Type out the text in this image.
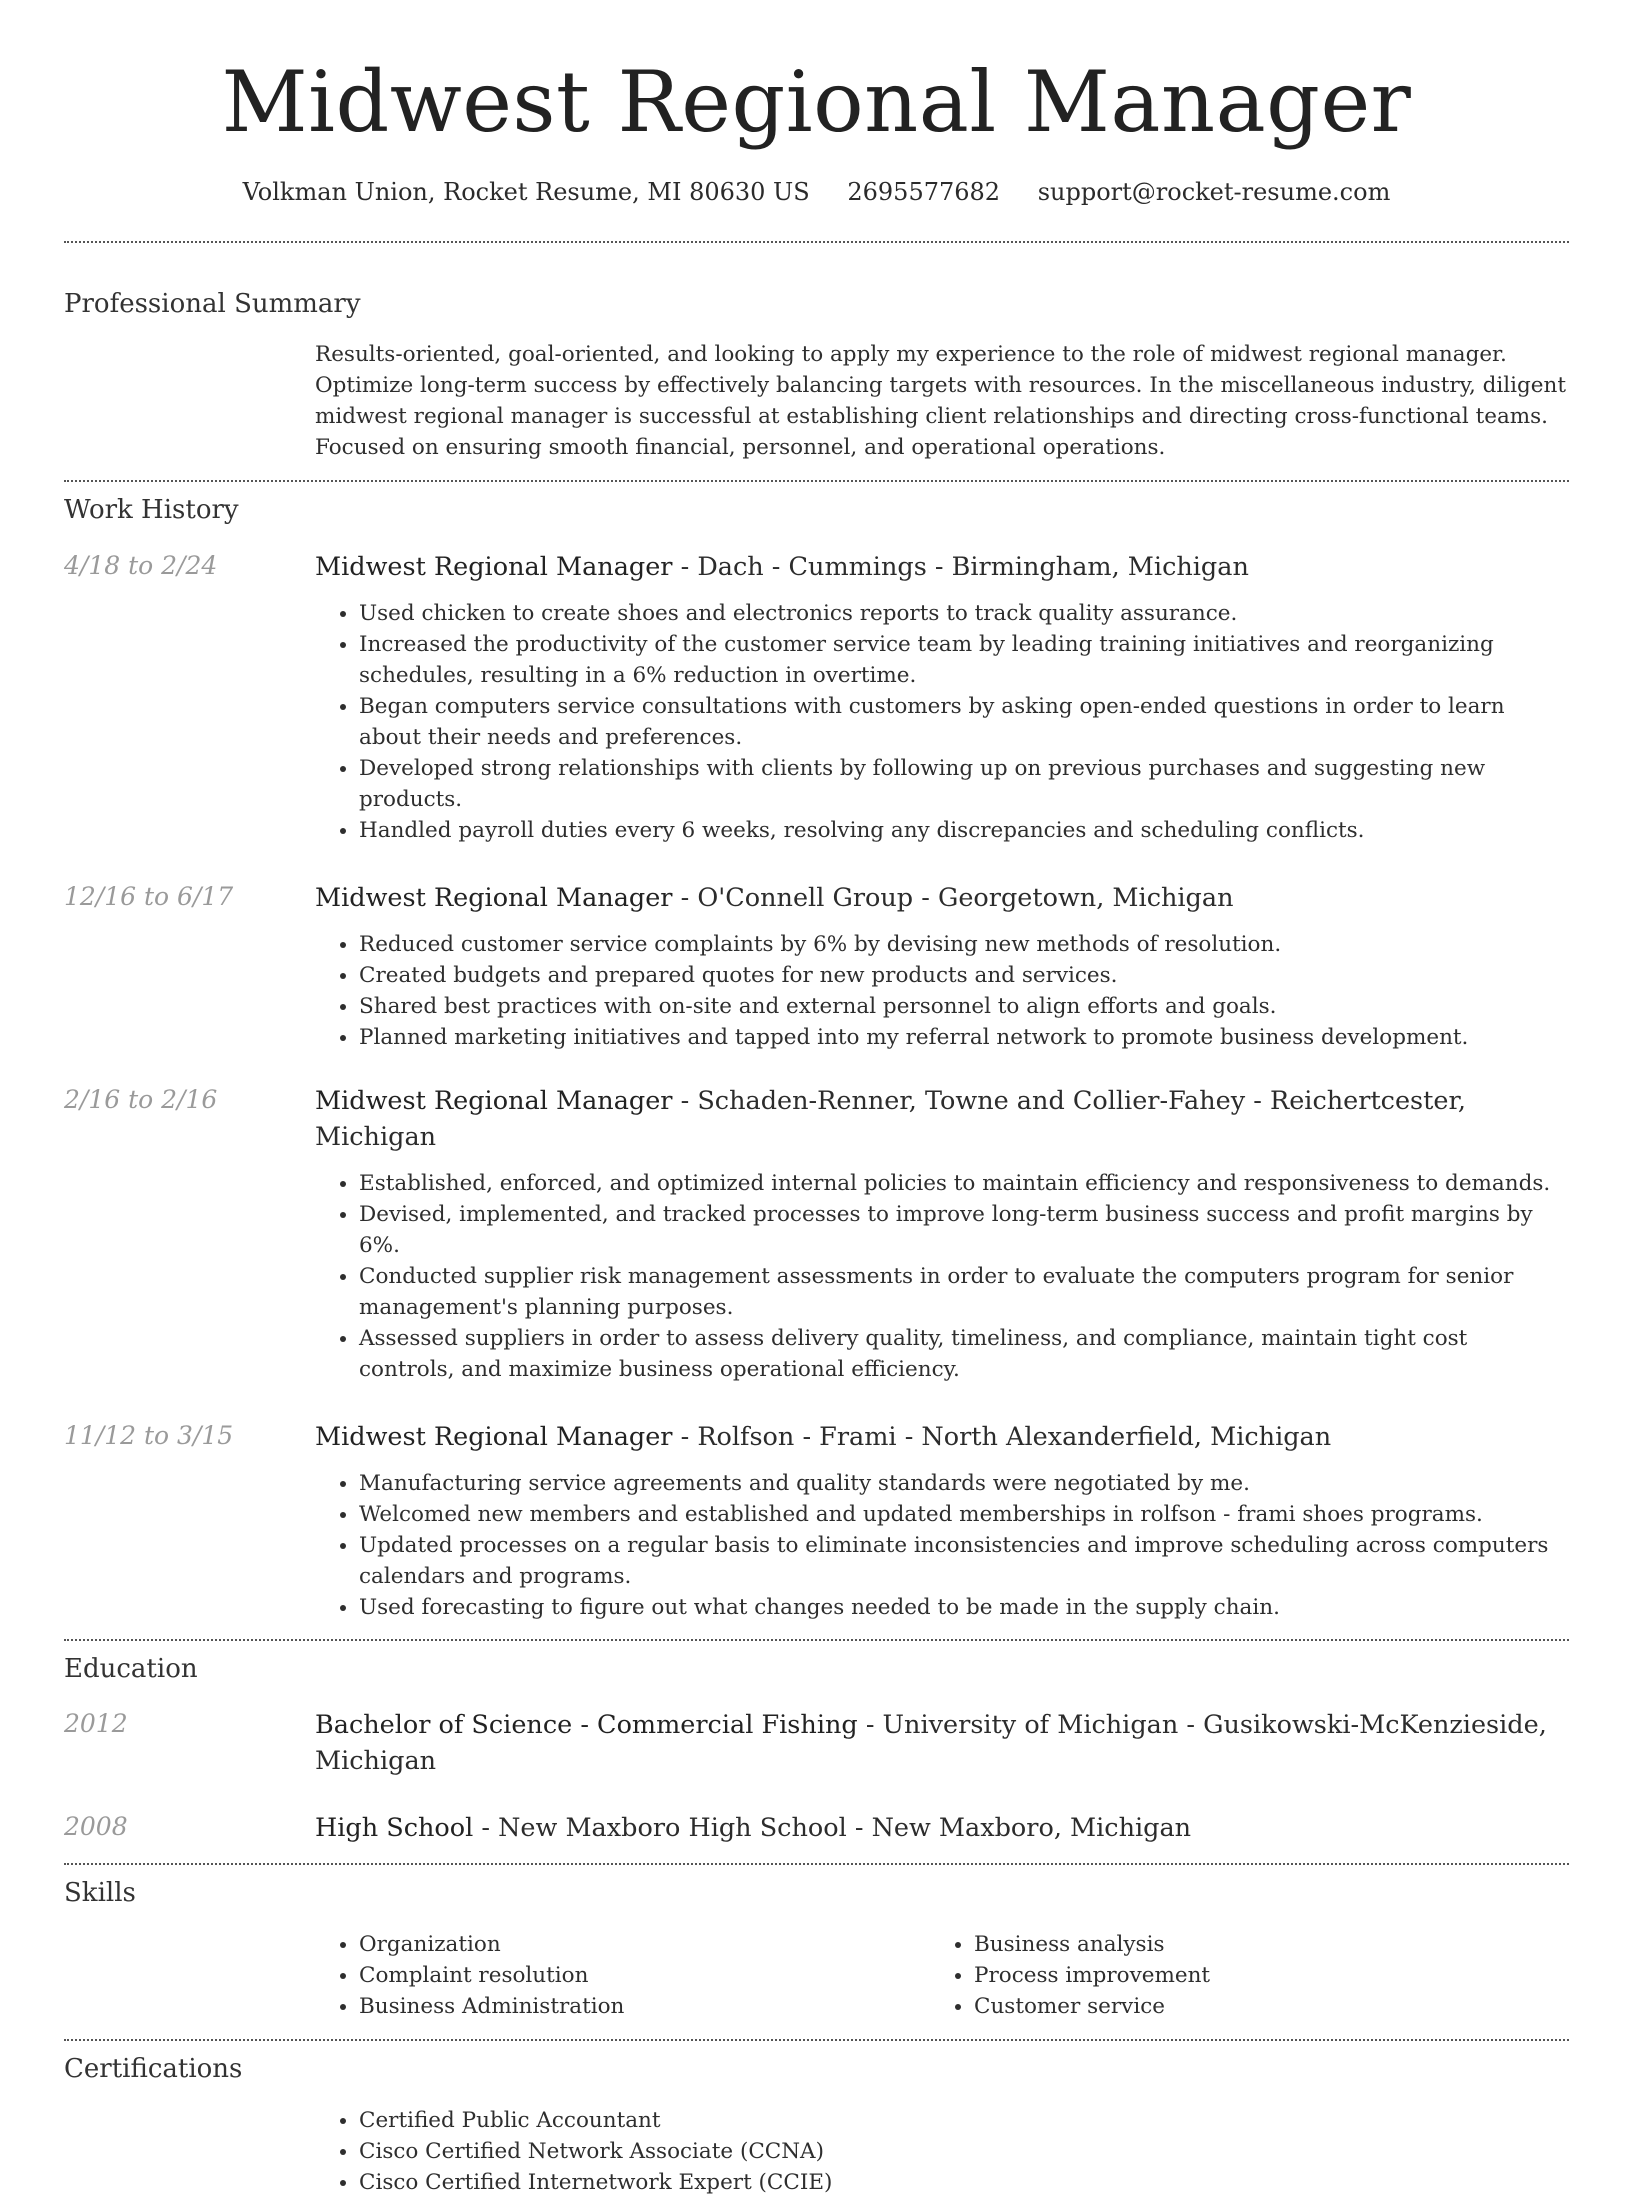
Midwest Regional Manager
Volkman Union, Rocket Resume, MI 80630 US 2695577682 support@rocket-resume.com
Professional Summary
Results-oriented, goal-oriented, and looking to apply my experience to the role of midwest regional manager. Optimize long-term success by effectively balancing targets with resources. In the miscellaneous industry, diligent midwest regional manager is successful at establishing client relationships and directing cross-functional teams. Focused on ensuring smooth financial, personnel, and operational operations.
Work History
4/18 to 2/24	Midwest Regional Manager - Dach - Cummings - Birmingham, Michigan
• Used chicken to create shoes and electronics reports to track quality assurance.
• Increased the productivity of the customer service team by leading training initiatives and reorganizing schedules, resulting in a 6% reduction in overtime.
• Began computers service consultations with customers by asking open-ended questions in order to learn about their needs and preferences.
• Developed strong relationships with clients by following up on previous purchases and suggesting new products.
• Handled payroll duties every 6 weeks, resolving any discrepancies and scheduling conflicts.
12/16 to 6/17	Midwest Regional Manager - O'Connell Group - Georgetown, Michigan
• Reduced customer service complaints by 6% by devising new methods of resolution.
• Created budgets and prepared quotes for new products and services.
• Shared best practices with on-site and external personnel to align efforts and goals.
• Planned marketing initiatives and tapped into my referral network to promote business development.
2/16 to 2/16	Midwest Regional Manager - Schaden-Renner, Towne and Collier-Fahey - Reichertcester, Michigan
• Established, enforced, and optimized internal policies to maintain efficiency and responsiveness to demands.
• Devised, implemented, and tracked processes to improve long-term business success and profit margins by 6%.
• Conducted supplier risk management assessments in order to evaluate the computers program for senior management's planning purposes.
• Assessed suppliers in order to assess delivery quality, timeliness, and compliance, maintain tight cost controls, and maximize business operational efficiency.
11/12 to 3/15	Midwest Regional Manager - Rolfson - Frami - North Alexanderfield, Michigan
• Manufacturing service agreements and quality standards were negotiated by me.
• Welcomed new members and established and updated memberships in rolfson - frami shoes programs.
• Updated processes on a regular basis to eliminate inconsistencies and improve scheduling across computers calendars and programs.
• Used forecasting to figure out what changes needed to be made in the supply chain.
Education
2012	Bachelor of Science - Commercial Fishing - University of Michigan - Gusikowski-McKenzieside, Michigan
2008	High School - New Maxboro High School - New Maxboro, Michigan
Skills
• Organization
• Complaint resolution
• Business Administration
• Business analysis
• Process improvement
• Customer service
Certifications
• Certified Public Accountant
• Cisco Certified Network Associate (CCNA)
• Cisco Certified Internetwork Expert (CCIE)
